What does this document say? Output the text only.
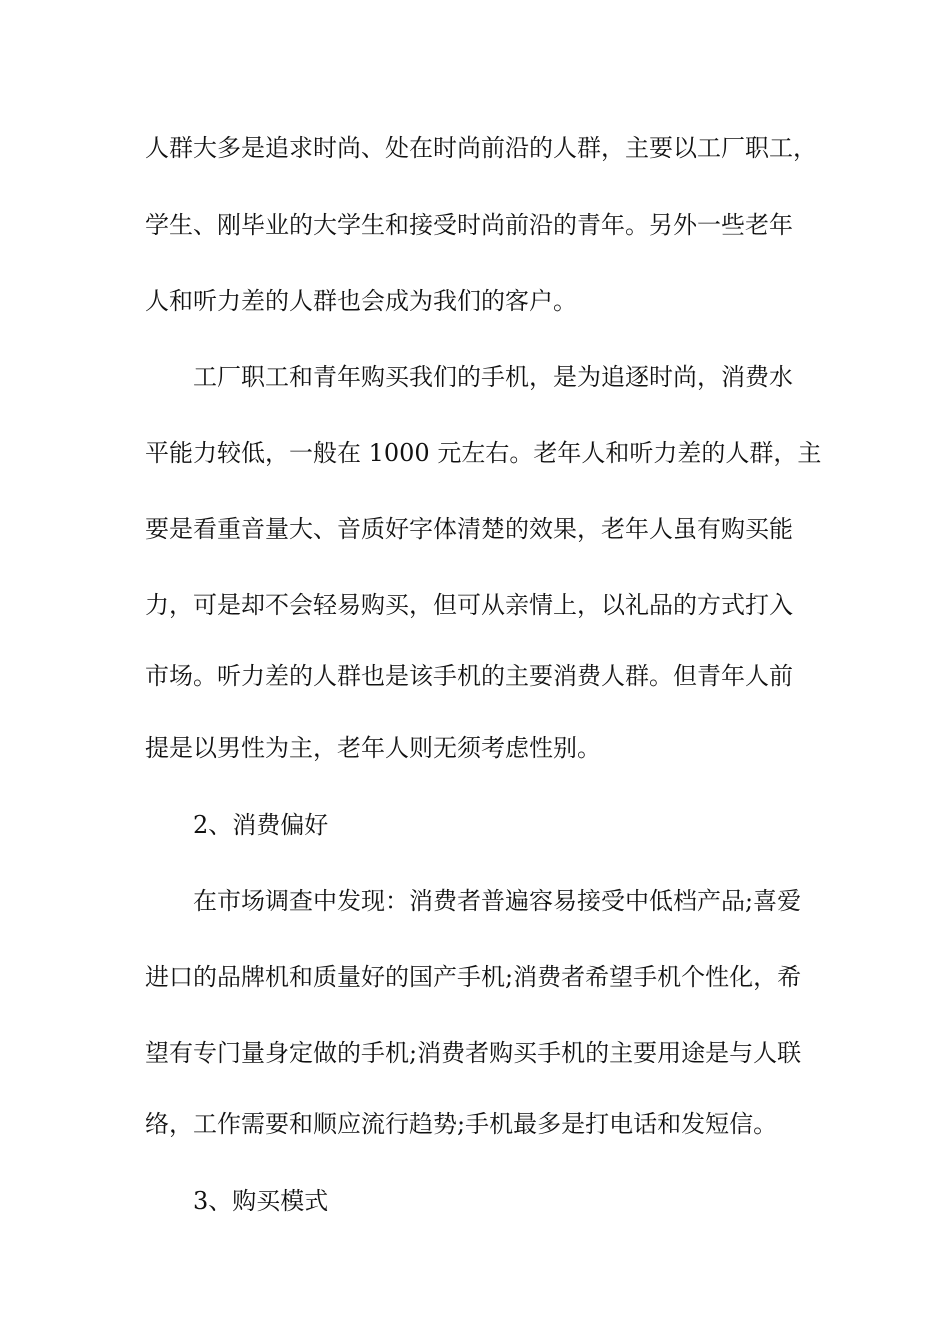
人群大多是追求时尚、处在时尚前沿的人群，主要以工厂职工，
学生、刚毕业的大学生和接受时尚前沿的青年。另外一些老年
人和听力差的人群也会成为我们的客户。
工厂职工和青年购买我们的手机，是为追逐时尚，消费水
平能力较低，一般在 1000 元左右。老年人和听力差的人群，主
要是看重音量大、音质好字体清楚的效果，老年人虽有购买能
力，可是却不会轻易购买，但可从亲情上，以礼品的方式打入
市场。听力差的人群也是该手机的主要消费人群。但青年人前
提是以男性为主，老年人则无须考虑性别。
2、消费偏好
在市场调查中发现：消费者普遍容易接受中低档产品;喜爱
进口的品牌机和质量好的国产手机;消费者希望手机个性化，希
望有专门量身定做的手机;消费者购买手机的主要用途是与人联
络，工作需要和顺应流行趋势;手机最多是打电话和发短信。
3、购买模式
